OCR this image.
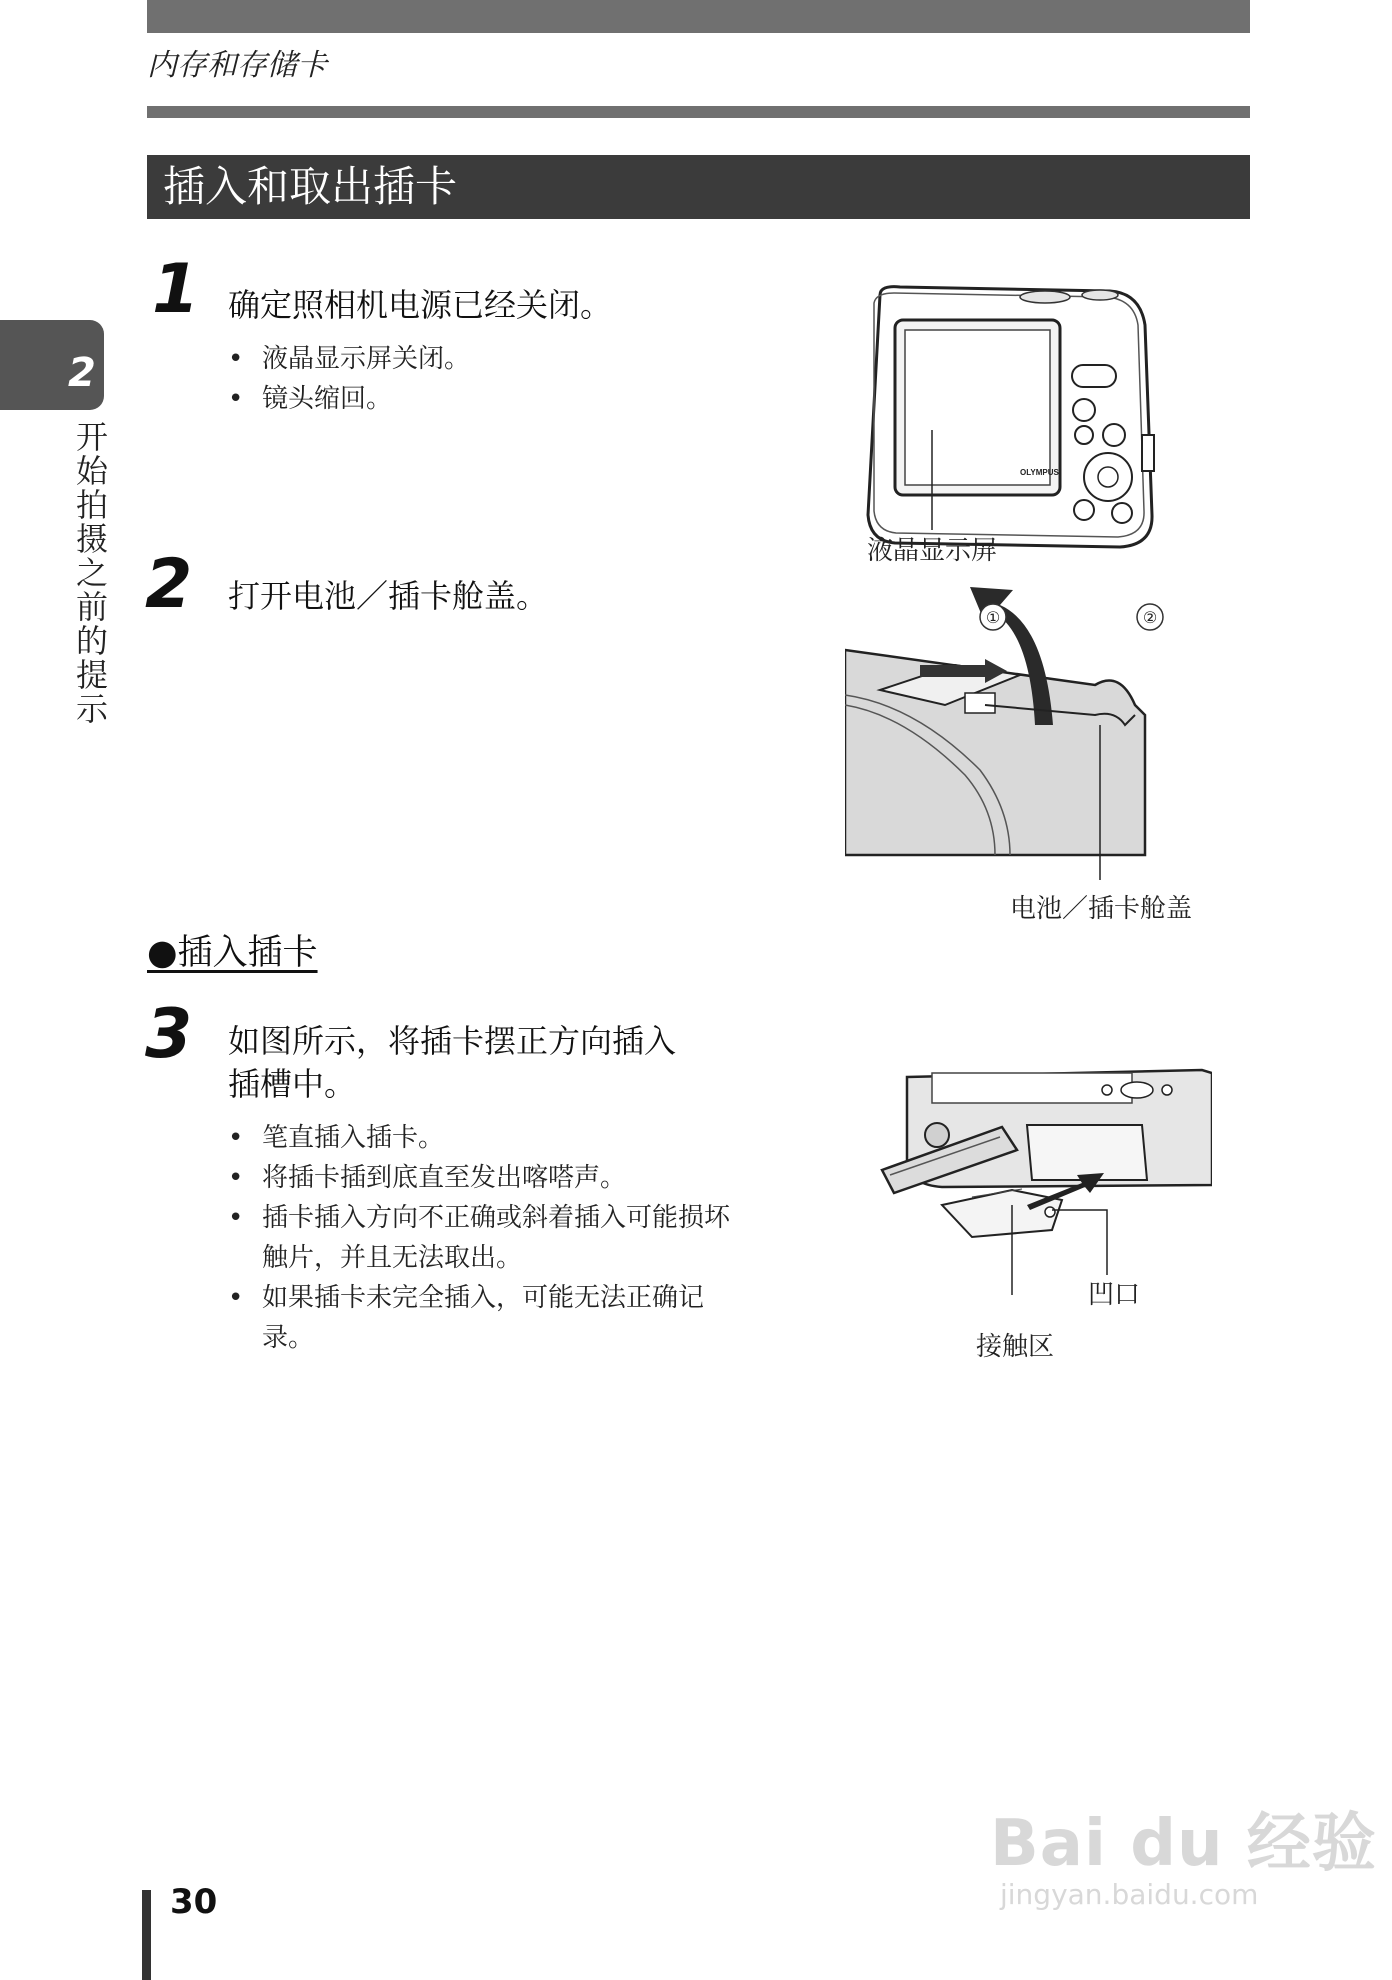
内存和存储卡
插入和取出插卡
2
开始拍摄之前的提示
1 确定照相机电源已经关闭。
• 液晶显示屏关闭。
• 镜头缩回。
2 打开电池／插卡舱盖。
●插入插卡
3 如图所示，将插卡摆正方向插入
插槽中。
• 笔直插入插卡。
• 将插卡插到底直至发出喀嗒声。
• 插卡插入方向不正确或斜着插入可能损坏触片，并且无法取出。
• 如果插卡未完全插入，可能无法正确记录。
OLYMPUS
液晶显示屏
①	②
电池／插卡舱盖
凹口
接触区
Bai du 经验
jingyan.baidu.com
30
